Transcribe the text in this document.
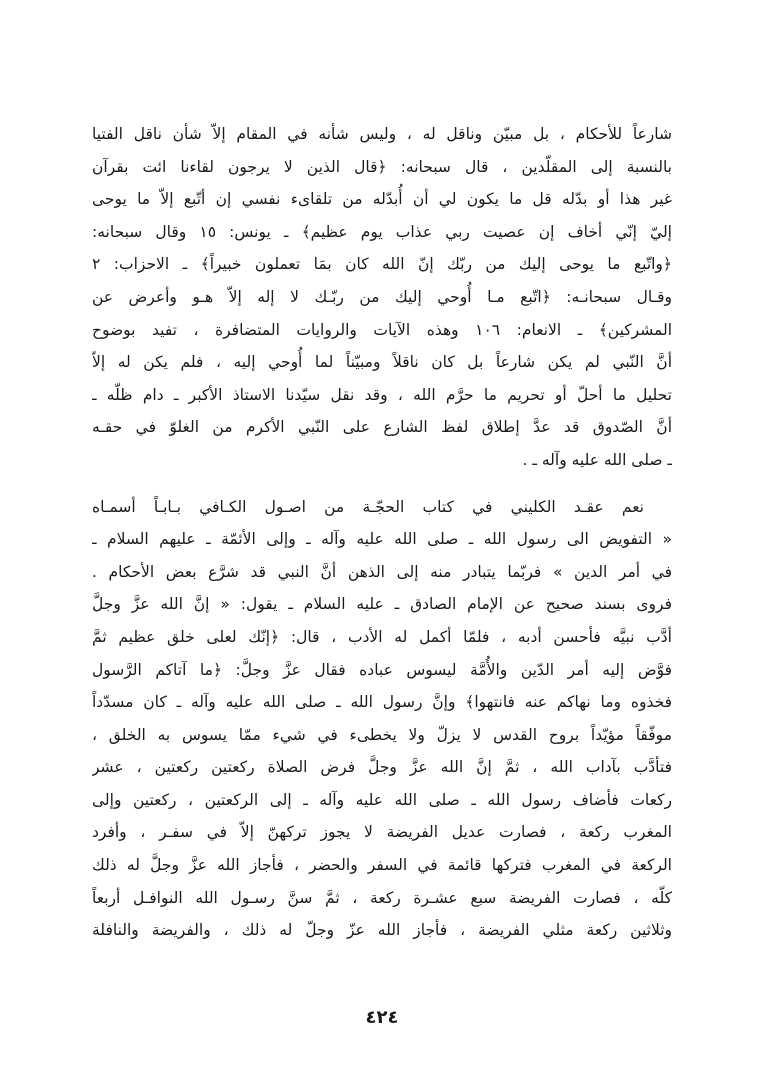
شارعاً للأحكام ، بل مبيّن وناقل له ، وليس شأنه في المقام إلاّ شأن ناقل الفتيا
بالنسبة إلى المقلّدين ، قال سبحانه: ﴿قال الذين لا يرجون لقاءنا ائت بقرآن
غير هذا أو بدّله قل ما يكون لي أن أُبدّله من تلقاىء نفسي إن أتّبع إلاّ ما يوحى
إليّ إنّي أخاف إن عصيت ربي عذاب يوم عظيم﴾ ـ يونس: ١٥ وقال سبحانه:
﴿واتّبع ما يوحى إليك من ربّك إنّ الله كان بمَا تعملون خبيراً﴾ ـ الاحزاب: ٢
وقـال سبحانـه: ﴿اتّبع مـا أُوحي إليك من ربّـك لا إله إلاّ هـو وأعرض عن
المشركين﴾ ـ الانعام: ١٠٦ وهذه الآيات والروايات المتضافرة ، تفيد بوضوح
أنَّ النّبي لم يكن شارعاً بل كان ناقلاً ومبيّناً لما أُوحي إليه ، فلم يكن له إلاّ
تحليل ما أحلّ أو تحريم ما حرَّم الله ، وقد نقل سيّدنا الاستاذ الأكبر ـ دام ظلّه ـ
أنَّ الصّدوق قد عدَّ إطلاق لفظ الشارع على النّبي الأكرم من الغلوّ في حقـه
ـ صلى الله عليه وآله ـ .
نعم عقـد الكليني في كتاب الحجّـة من اصـول الكـافي بـابـاً أسمـاه
« التفويض الى رسول الله ـ صلى الله عليه وآله ـ وإلى الأئمّة ـ عليهم السلام ـ
في أمر الدين » فربّما يتبادر منه إلى الذهن أنَّ النبي قد شرَّع بعض الأحكام .
فروى بسند صحيح عن الإمام الصادق ـ عليه السلام ـ يقول: « إنَّ الله عزَّ وجلَّ
أدَّب نبيَّه فأحسن أدبه ، فلمّا أكمل له الأدب ، قال: ﴿إنّك لعلى خلق عظيم ثمَّ
فوَّض إليه أمر الدّين والأُمَّة ليسوس عباده فقال عزَّ وجلَّ: ﴿ما آتاكم الرَّسول
فخذوه وما نهاكم عنه فانتهوا﴾ وإنَّ رسول الله ـ صلى الله عليه وآله ـ كان مسدّداً
موفّقاً مؤيّداً بروح القدس لا يزلّ ولا يخطىء في شيء ممّا يسوس به الخلق ،
فتأدَّب بآداب الله ، ثمَّ إنَّ الله عزَّ وجلَّ فرض الصلاة ركعتين ركعتين ، عشر
ركعات فأضاف رسول الله ـ صلى الله عليه وآله ـ إلى الركعتين ، ركعتين وإلى
المغرب ركعة ، فصارت عديل الفريضة لا يجوز تركهنّ إلاّ في سفـر ، وأفرد
الركعة في المغرب فتركها قائمة في السفر والحضر ، فأجاز الله عزَّ وجلَّ له ذلك
كلّه ، فصارت الفريضة سبع عشـرة ركعة ، ثمَّ سنَّ رسـول الله النوافـل أربعاً
وثلاثين ركعة مثلي الفريضة ، فأجاز الله عزّ وجلّ له ذلك ، والفريضة والنافلة
٤٢٤
